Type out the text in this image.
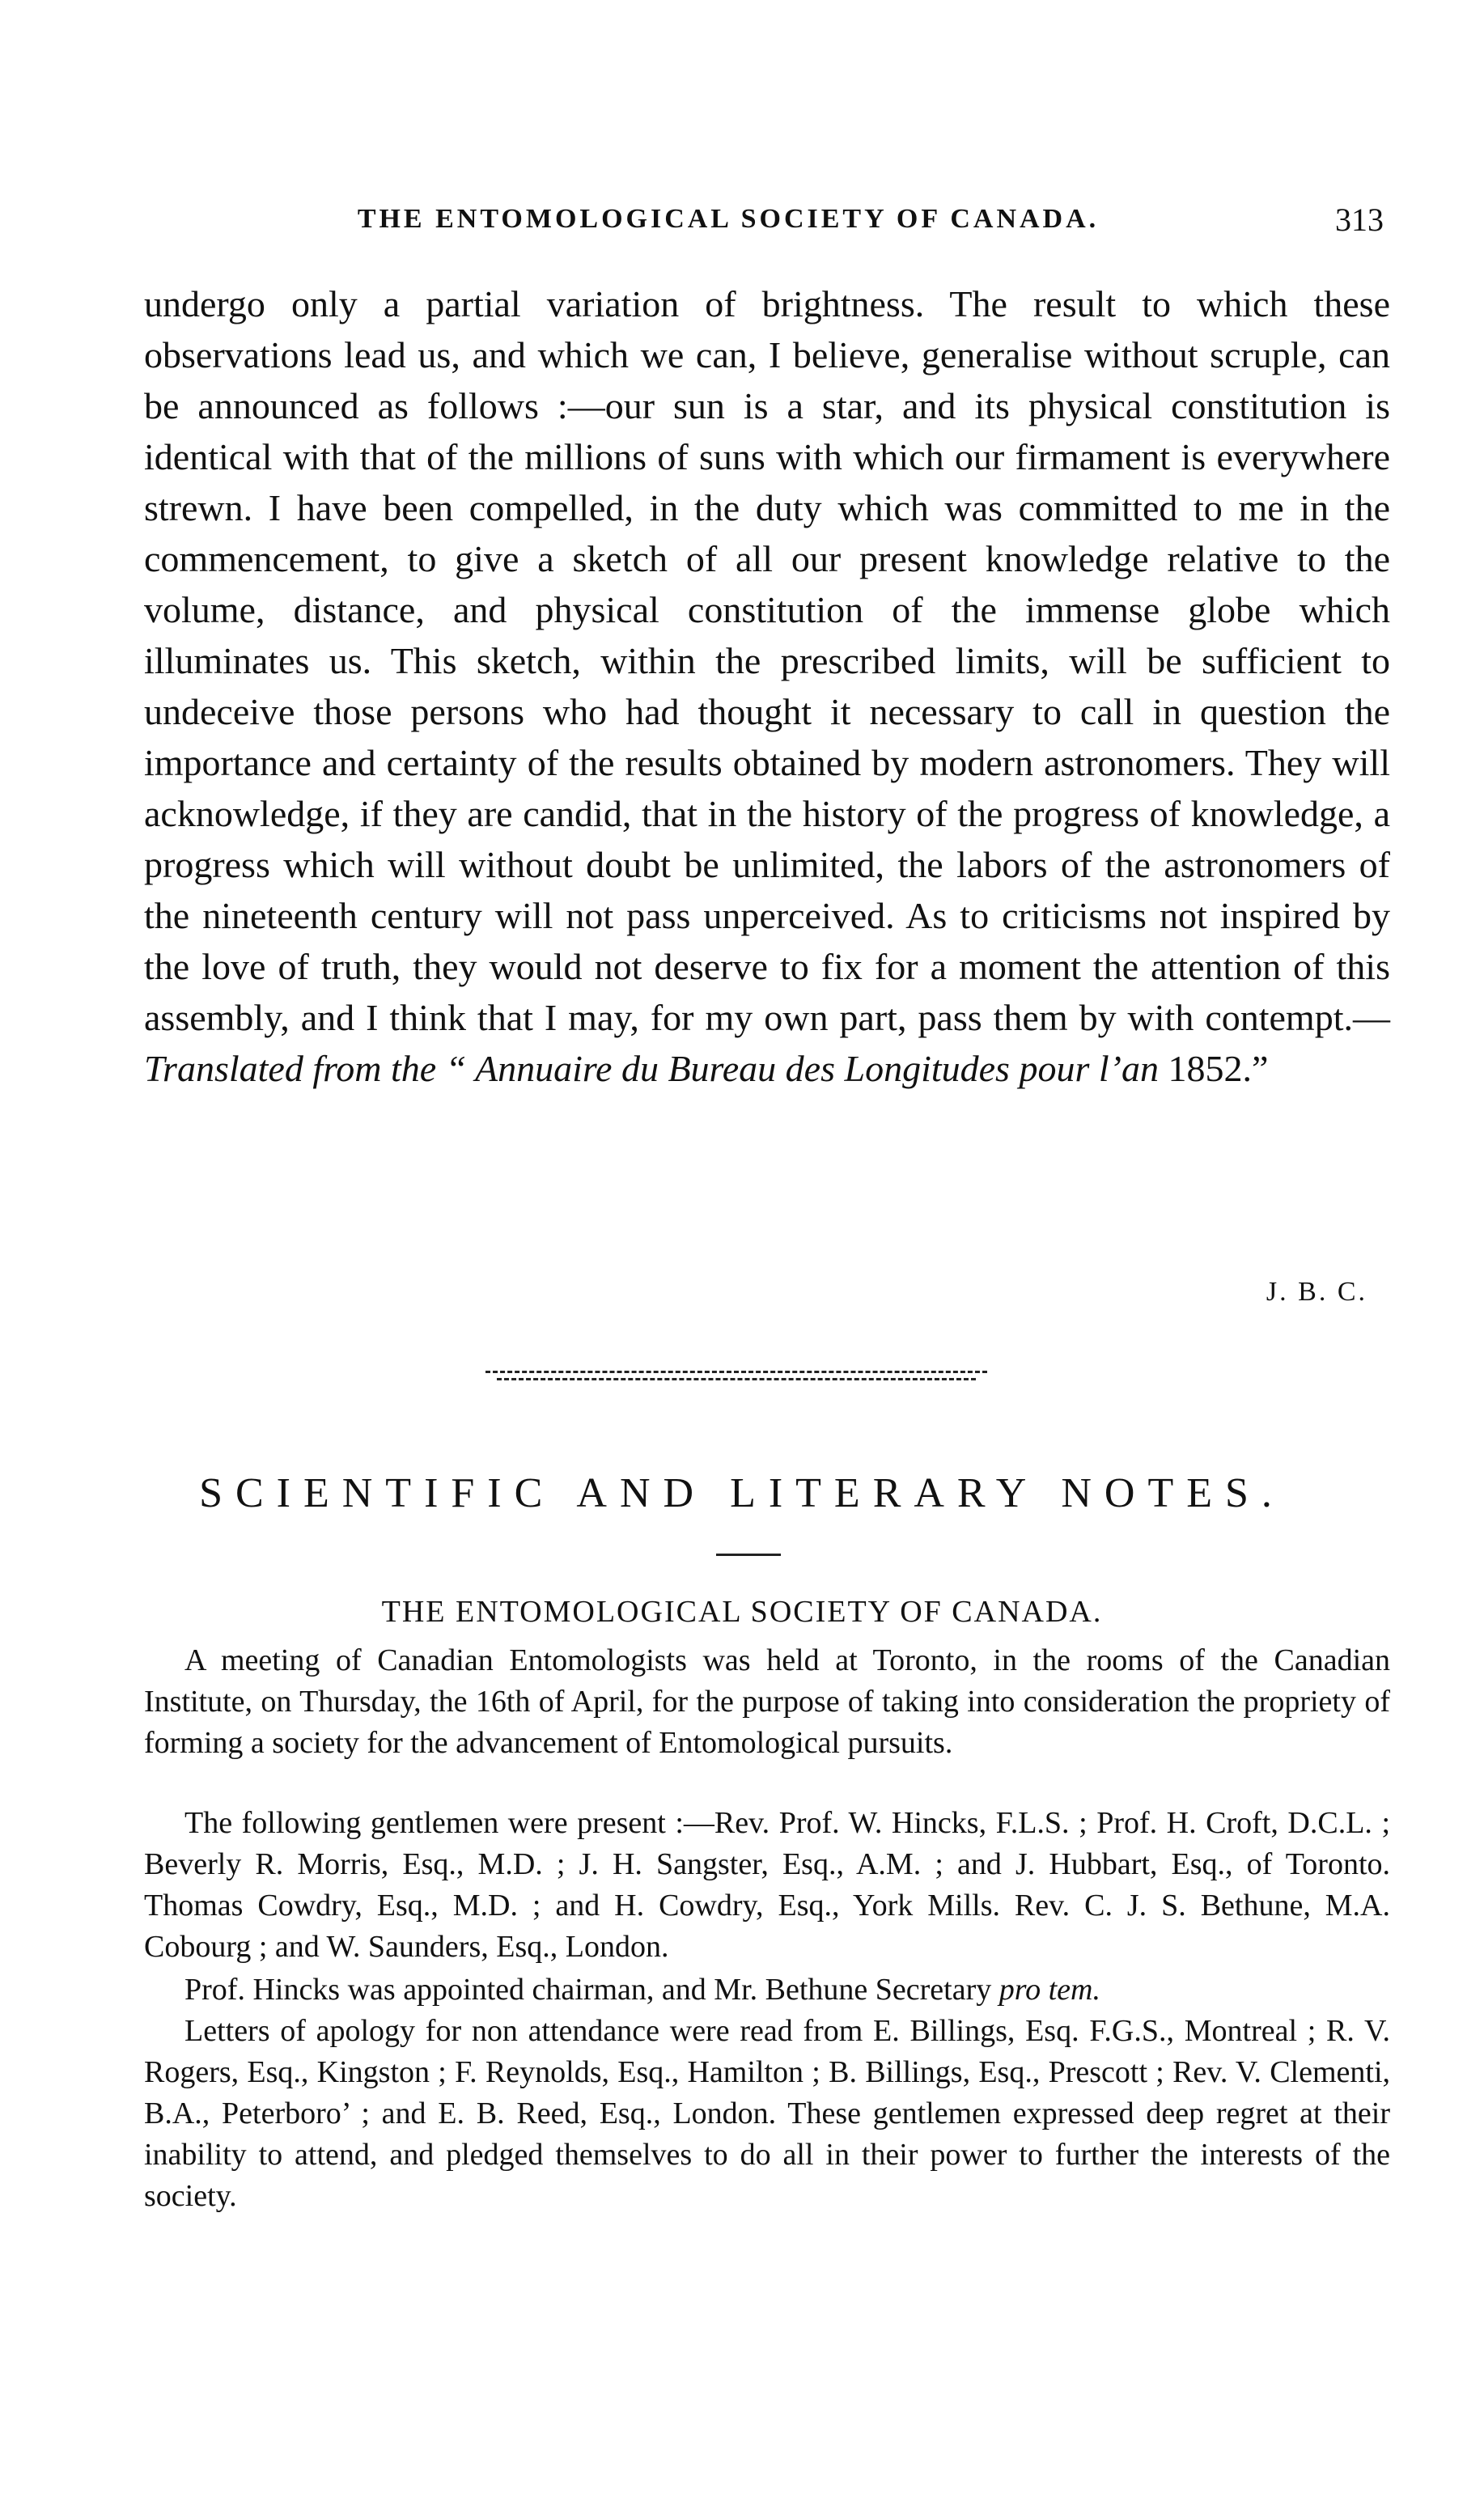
THE ENTOMOLOGICAL SOCIETY OF CANADA.	313

undergo only a partial variation of brightness. The result to which these observations lead us, and which we can, I believe, generalise without scruple, can be announced as follows :—our sun is a star, and its physical constitution is identical with that of the millions of suns with which our firmament is everywhere strewn. I have been compelled, in the duty which was committed to me in the commencement, to give a sketch of all our present knowledge relative to the volume, distance, and physical constitution of the immense globe which illuminates us. This sketch, within the prescribed limits, will be sufficient to undeceive those persons who had thought it necessary to call in question the importance and certainty of the results obtained by modern astronomers. They will acknowledge, if they are candid, that in the history of the progress of knowledge, a progress which will without doubt be unlimited, the labors of the astronomers of the nineteenth century will not pass unperceived. As to criticisms not inspired by the love of truth, they would not deserve to fix for a moment the attention of this assembly, and I think that I may, for my own part, pass them by with contempt.—Translated from the “ Annuaire du Bureau des Longitudes pour l’an 1852.”

J. B. C.
SCIENTIFIC AND LITERARY NOTES.
THE ENTOMOLOGICAL SOCIETY OF CANADA.

A meeting of Canadian Entomologists was held at Toronto, in the rooms of the Canadian Institute, on Thursday, the 16th of April, for the purpose of taking into consideration the propriety of forming a society for the advancement of Entomological pursuits.

The following gentlemen were present :—Rev. Prof. W. Hincks, F.L.S. ; Prof. H. Croft, D.C.L. ; Beverly R. Morris, Esq., M.D. ; J. H. Sangster, Esq., A.M. ; and J. Hubbart, Esq., of Toronto. Thomas Cowdry, Esq., M.D. ; and H. Cowdry, Esq., York Mills. Rev. C. J. S. Bethune, M.A. Cobourg ; and W. Saunders, Esq., London.

Prof. Hincks was appointed chairman, and Mr. Bethune Secretary pro tem.

Letters of apology for non attendance were read from E. Billings, Esq. F.G.S., Montreal ; R. V. Rogers, Esq., Kingston ; F. Reynolds, Esq., Hamilton ; B. Billings, Esq., Prescott ; Rev. V. Clementi, B.A., Peterboro’ ; and E. B. Reed, Esq., London. These gentlemen expressed deep regret at their inability to attend, and pledged themselves to do all in their power to further the interests of the society.
